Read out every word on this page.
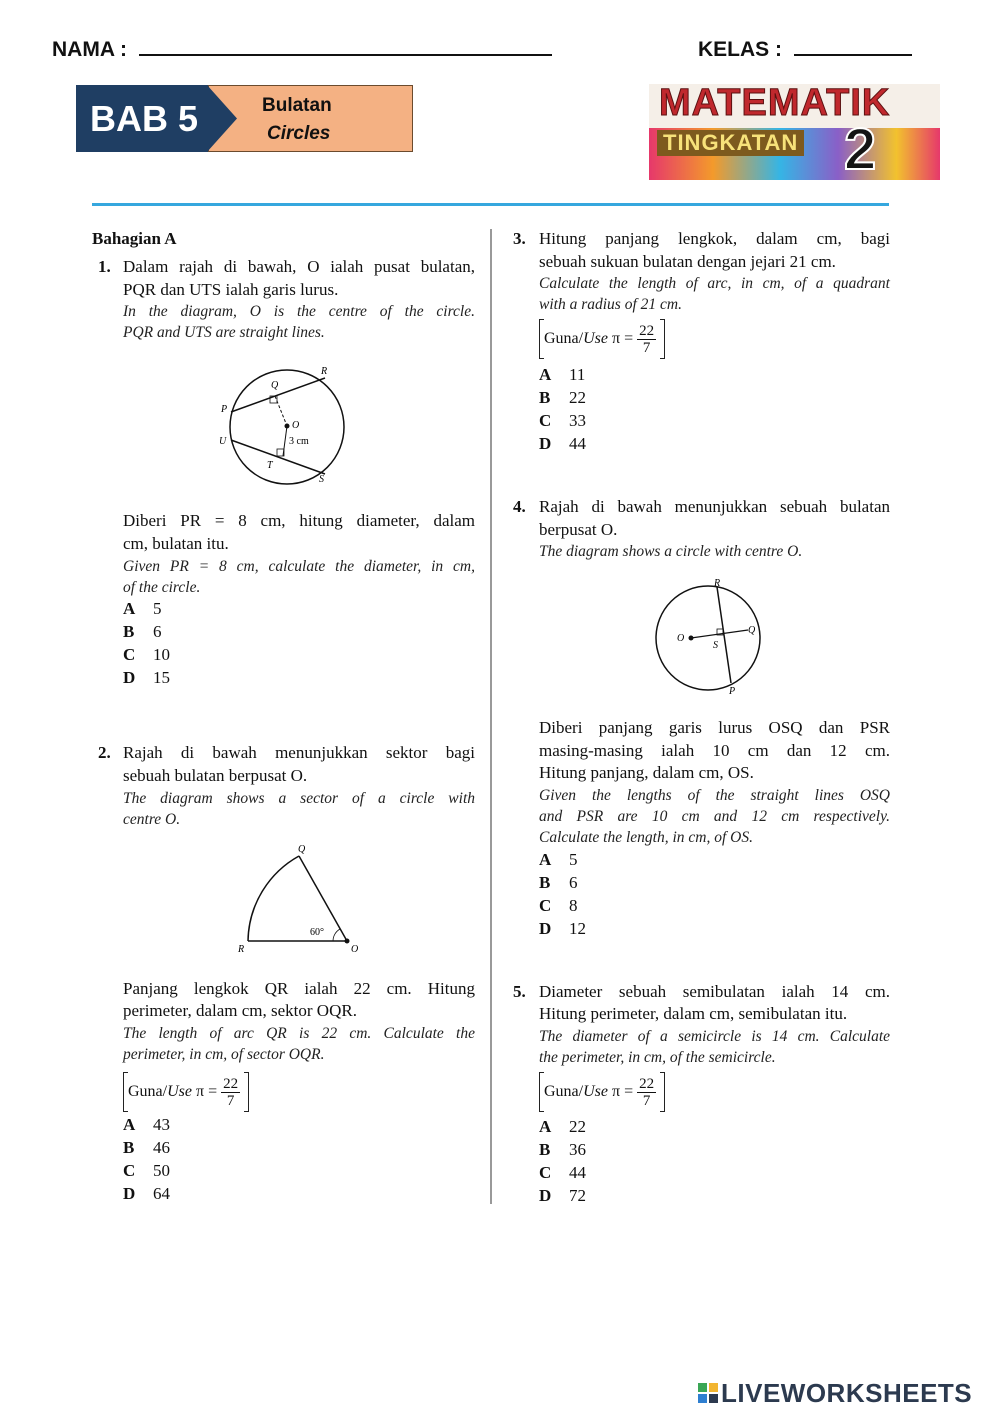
NAMA :	KELAS :
BAB 5	Bulatan
Circles
MATEMATIK
TINGKATAN 2
Bahagian A
1. Dalam rajah di bawah, O ialah pusat bulatan,
PQR dan UTS ialah garis lurus.
In the diagram, O is the centre of the circle.
PQR and UTS are straight lines.
R
Q
P
O
U	3 cm
T
S
Diberi PR = 8 cm, hitung diameter, dalam
cm, bulatan itu.
Given PR = 8 cm, calculate the diameter, in cm,
of the circle.
A 5
B 6
C 10
D 15
2. Rajah di bawah menunjukkan sektor bagi
sebuah bulatan berpusat O.
The diagram shows a sector of a circle with
centre O.
Q
60°
R	O
Panjang lengkok QR ialah 22 cm. Hitung
perimeter, dalam cm, sektor OQR.
The length of arc QR is 22 cm. Calculate the
perimeter, in cm, of sector OQR.
Guna/ Use $\pi = \frac{22}{7}$
A 43
B 46
C 50
D 64
3. Hitung panjang lengkok, dalam cm, bagi
sebuah sukuan bulatan dengan jejari 21 cm.
Calculate the length of arc, in cm, of a quadrant
with a radius of 21 cm.
Guna/ Use $\pi = \frac{22}{7}$
A 11
B 22
C 33
D 44
4. Rajah di bawah menunjukkan sebuah bulatan
berpusat O.
The diagram shows a circle with centre O.
R
O
S
Q
P
Diberi panjang garis lurus OSQ dan PSR
masing-masing ialah 10 cm dan 12 cm.
Hitung panjang, dalam cm, OS.
Given the lengths of the straight lines OSQ
and PSR are 10 cm and 12 cm respectively.
Calculate the length, in cm, of OS.
A 5
B 6
C 8
D 12
5. Diameter sebuah semibulatan ialah 14 cm.
Hitung perimeter, dalam cm, semibulatan itu.
The diameter of a semicircle is 14 cm. Calculate
the perimeter, in cm, of the semicircle.
Guna/ Use $\pi = \frac{22}{7}$
A 22
B 36
C 44
D 72
LIVEWORKSHEETS
